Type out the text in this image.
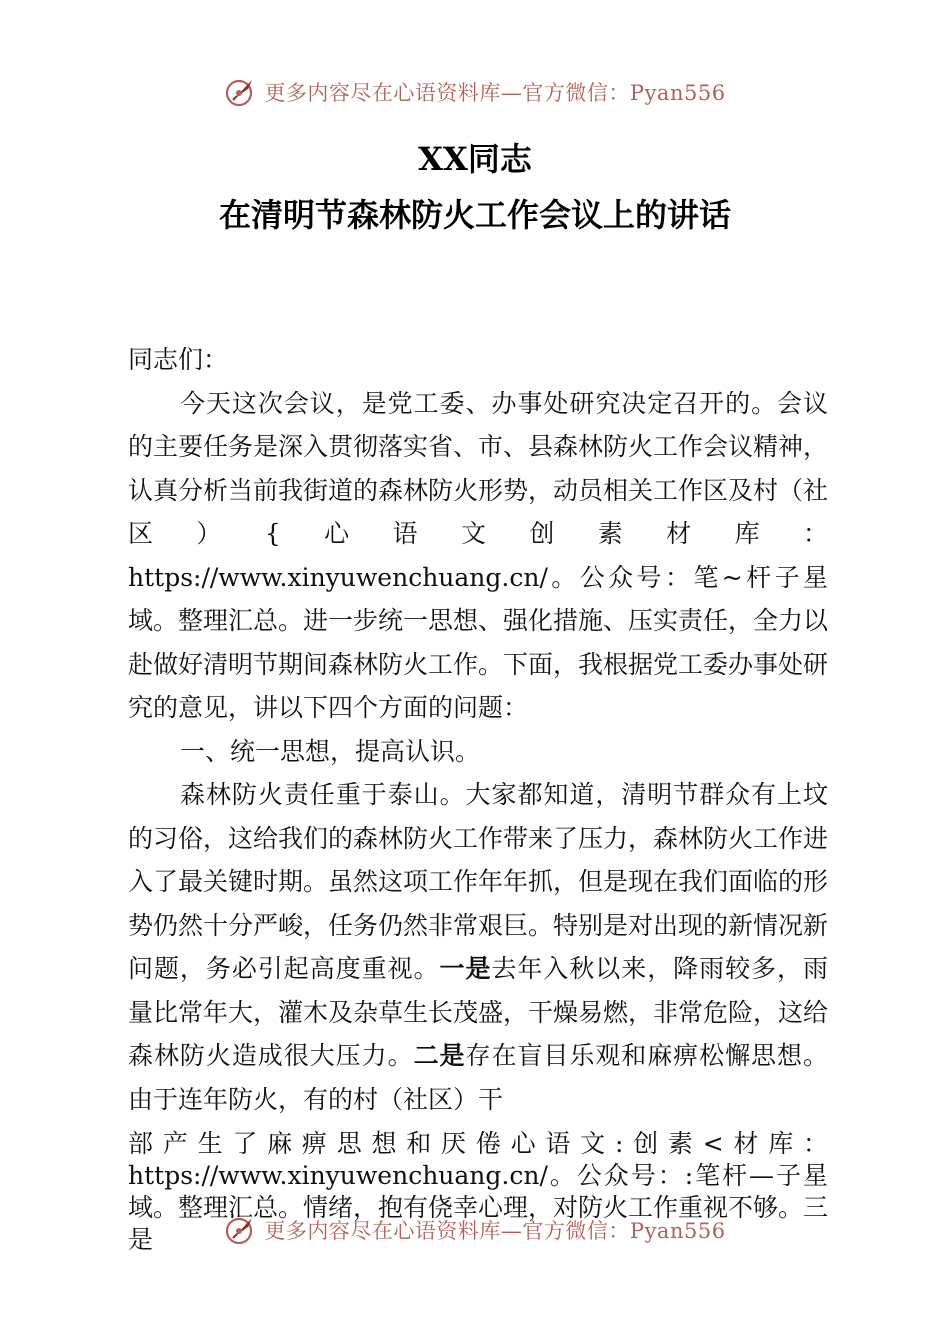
更多内容尽在心语资料库—官方微信：Pyan556
XX同志
在清明节森林防火工作会议上的讲话

同志们：

今天这次会议，是党工委、办事处研究决定召开的。会议的主要任务是深入贯彻落实省、市、县森林防火工作会议精神，认真分析当前我街道的森林防火形势，动员相关工作区及村（社区）{心语文创素材库：https://www.xinyuwenchuang.cn/。公众号：笔~杆子星域。整理汇总。进一步统一思想、强化措施、压实责任，全力以赴做好清明节期间森林防火工作。下面，我根据党工委办事处研究的意见，讲以下四个方面的问题：

一、统一思想，提高认识。

森林防火责任重于泰山。大家都知道，清明节群众有上坟的习俗，这给我们的森林防火工作带来了压力，森林防火工作进入了最关键时期。虽然这项工作年年抓，但是现在我们面临的形势仍然十分严峻，任务仍然非常艰巨。特别是对出现的新情况新问题，务必引起高度重视。一是去年入秋以来，降雨较多，雨量比常年大，灌木及杂草生长茂盛，干燥易燃，非常危险，这给森林防火造成很大压力。二是存在盲目乐观和麻痹松懈思想。由于连年防火，有的村（社区）干

部产生了麻痹思想和厌倦心语文:创素<材库：https://www.xinyuwenchuang.cn/。公众号：:笔杆—子星域。整理汇总。情绪，抱有侥幸心理，对防火工作重视不够。三是	更多内容尽在心语资料库—官方微信：Pyan556
